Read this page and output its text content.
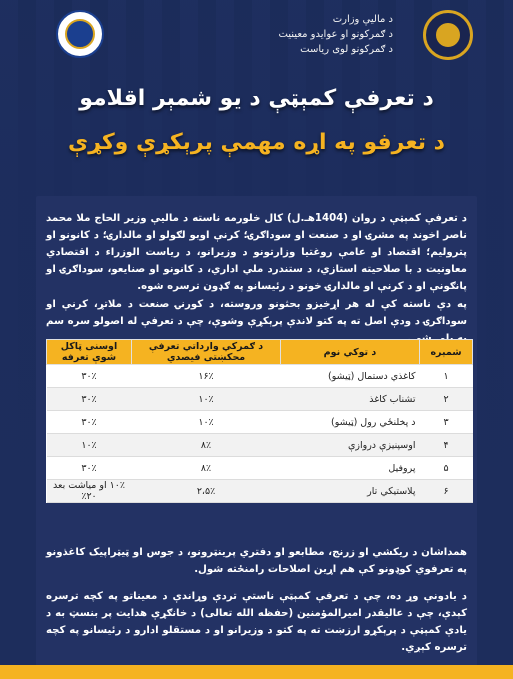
د مالیې وزارت
د ګمرکونو او عوایدو معینیت
د ګمرکونو لوی ریاست
د تعرفې کمېټې د یو شمېر اقلامو
د تعرفو په اړه مهمې پرېکړې وکړې
د تعرفې کمېټې د روان (1404هـ.ل) کال خلورمه ناسته د مالیې وزیر الحاج ملا محمد ناصر اخوند په مشرۍ او د صنعت او سوداګرۍ؛ کرنې اوبو لګولو او مالدارۍ؛ د کانونو او پترولیم؛ اقتصاد او عامې روغتیا وزارتونو د وزیرانو، د ریاست الوزراء د اقتصادي معاونیت د با صلاحیته استازي، د ستندرد ملي اداري، د کانونو او صنایعو، سوداګرۍ او پانګونې او د کرنې او مالدارۍ خونو د رئیسانو په ګډون ترسره شوه.
په دې ناسته کې له هر اړخیزو بحثونو وروسته، د کورنۍ صنعت د ملاتړ، کرنې او سوداګرۍ د ودې اصل ته په کتو لاندې پرېکړې وشوې، چې د تعرفې له اصولو سره سم
شمېره	د توکي نوم	د ګمرکي وارداتي تعرفې محکښتی فیصدي	اوسنی ټاکل شوې تعرفه
۱	کاغذي دستمال (ټیشو)	۱۶٪	۳۰٪
۲	تشناب کاغذ	۱۰٪	۳۰٪
۳	د پخلنځي رول (ټیشو)	۱۰٪	۳۰٪
۴	اوسپنیزې دروازې	۸٪	۱۰٪
۵	پروفیل	۸٪	۳۰٪
۶	پلاستیکي تار	۲،۵٪	۱۰٪ او میاشت بعد ۲۰٪
همداشان د ریکشي او زرنج، مطابعو او دفتري پرینټرونو، د جوس او ټیټراپیک کاغذونو په تعرفوي کوډونو کې هم اړین اصلاحات رامنځته شول.
د یادونې وړ ده، چې د تعرفې کمېټې ناستې تردې وړاندې د معیناتو په کچه ترسره کېدې، چې د عالیقدر امیرالمؤمنین (حفظه الله تعالی) د خانګړې هدایت پر بنسټ به د یادې کمېټې د پرېکړو ارزښت ته په کتو د وزیرانو او د مستقلو ادارو د رئیسانو په کچه ترسره کېږي.
